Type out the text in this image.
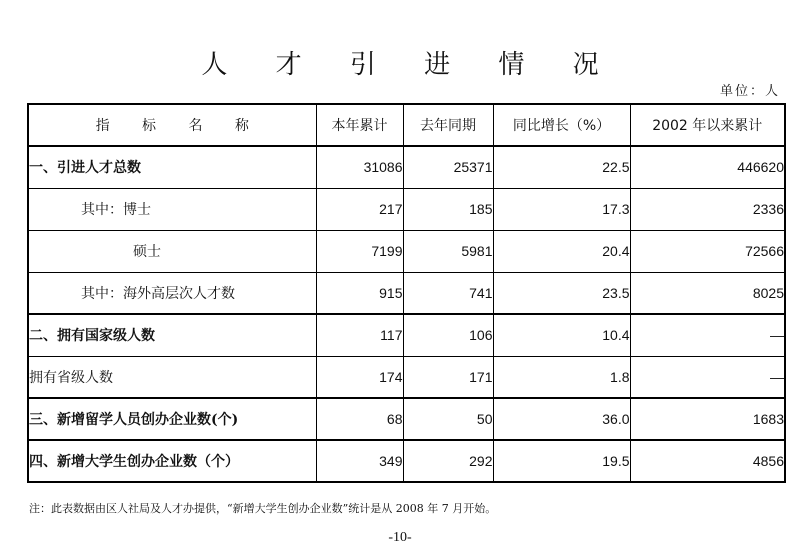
人 才 引 进 情 况
单位：人
指 标 名 称	本年累计	去年同期	同比增长（%）	2002 年以来累计
一、引进人才总数	31086	25371	22.5	446620
其中：博士	217	185	17.3	2336
硕士	7199	5981	20.4	72566
其中：海外高层次人才数	915	741	23.5	8025
二、拥有国家级人数	117	106	10.4	—
拥有省级人数	174	171	1.8	—
三、新增留学人员创办企业数(个)	68	50	36.0	1683
四、新增大学生创办企业数（个）	349	292	19.5	4856
注：此表数据由区人社局及人才办提供，“新增大学生创办企业数”统计是从 2008 年 7 月开始。
-10-
